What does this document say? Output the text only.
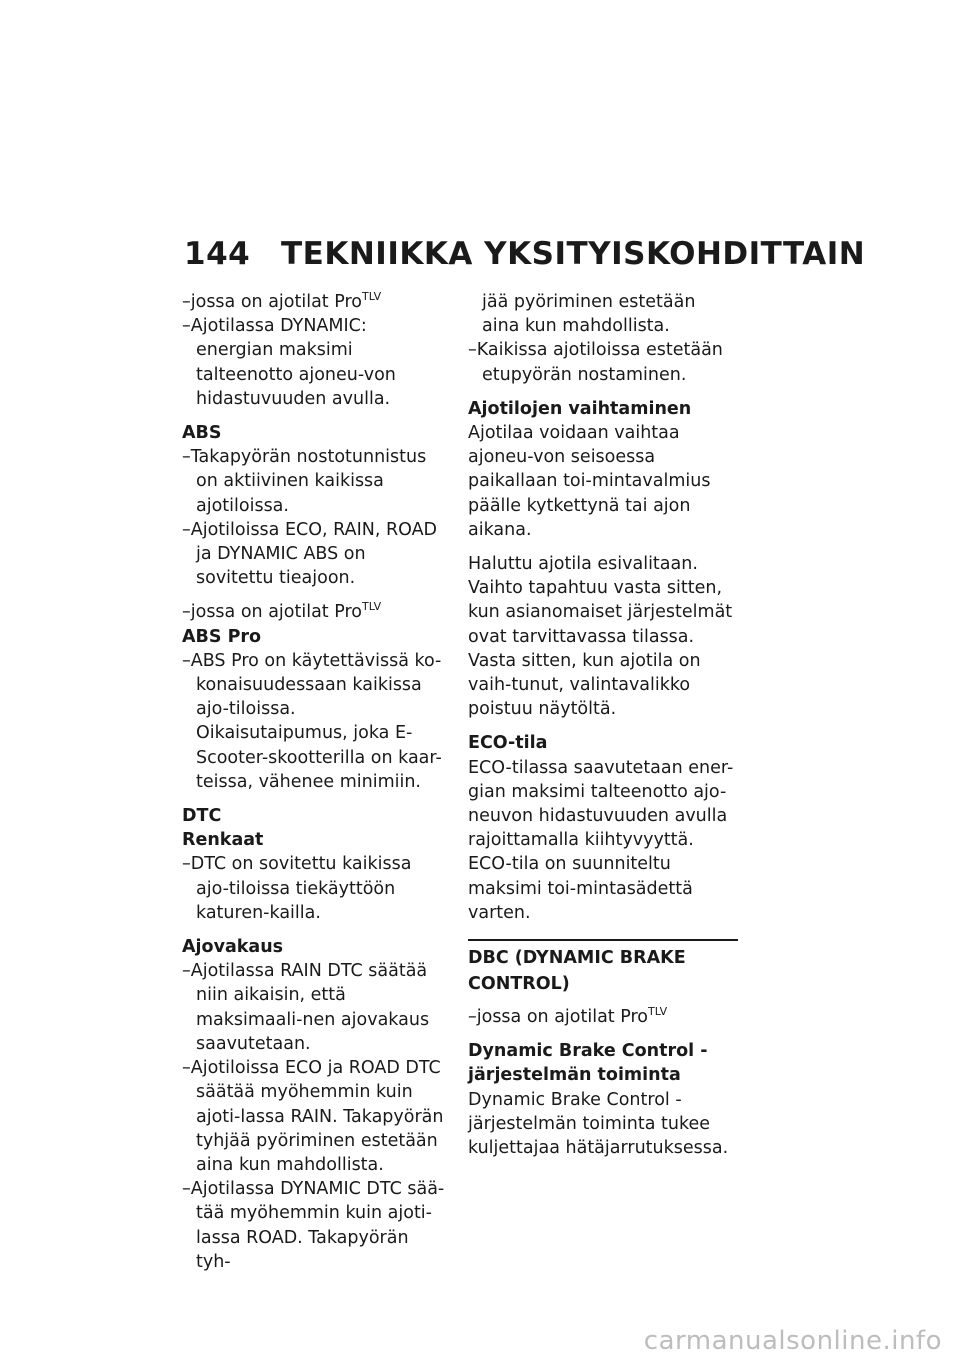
144 TEKNIIKKA YKSITYISKOHDITTAIN

–jossa on ajotilat Pro$^{TLV}$

–Ajotilassa DYNAMIC: energian maksimi talteenotto ajoneu-von hidastuvuuden avulla.

ABS

–Takapyörän nostotunnistus on aktiivinen kaikissa ajotiloissa.

–Ajotiloissa ECO, RAIN, ROAD ja DYNAMIC ABS on sovitettu tieajoon.

–jossa on ajotilat Pro$^{TLV}$

ABS Pro

–ABS Pro on käytettävissä ko-konaisuudessaan kaikissa ajo-tiloissa. Oikaisutaipumus, joka E-Scooter-skootterilla on kaar-teissa, vähenee minimiin.

DTC

Renkaat

–DTC on sovitettu kaikissa ajo-tiloissa tiekäyttöön katuren-kailla.

Ajovakaus

–Ajotilassa RAIN DTC säätää niin aikaisin, että maksimaali-nen ajovakaus saavutetaan.

–Ajotiloissa ECO ja ROAD DTC säätää myöhemmin kuin ajoti-lassa RAIN. Takapyörän tyhjää pyöriminen estetään aina kun mahdollista.

–Ajotilassa DYNAMIC DTC sää-tää myöhemmin kuin ajoti-lassa ROAD. Takapyörän tyh-

jää pyöriminen estetään aina kun mahdollista.

–Kaikissa ajotiloissa estetään etupyörän nostaminen.

Ajotilojen vaihtaminen

Ajotilaa voidaan vaihtaa ajoneu-von seisoessa paikallaan toi-mintavalmius päälle kytkettynä tai ajon aikana.

Haluttu ajotila esivalitaan.

Vaihto tapahtuu vasta sitten, kun asianomaiset järjestelmät ovat tarvittavassa tilassa.

Vasta sitten, kun ajotila on vaih-tunut, valintavalikko poistuu näytöltä.

ECO-tila

ECO-tilassa saavutetaan ener-gian maksimi talteenotto ajo-neuvon hidastuvuuden avulla rajoittamalla kiihtyvyyttä. ECO-tila on suunniteltu maksimi toi-mintasädettä varten.

DBC (DYNAMIC BRAKE CONTROL)

–jossa on ajotilat Pro$^{TLV}$

Dynamic Brake Control -järjestelmän toiminta

Dynamic Brake Control -järjestelmän toiminta tukee kuljettajaa hätäjarrutuksessa.

carmanualsonline.info
